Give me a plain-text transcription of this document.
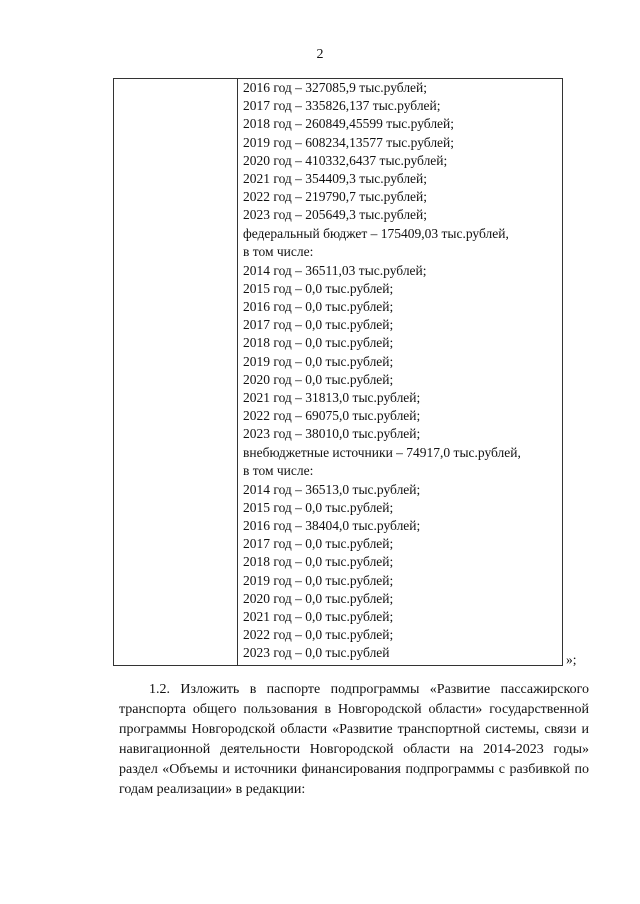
2
2016 год – 327085,9 тыс.рублей;
2017 год – 335826,137 тыс.рублей;
2018 год – 260849,45599 тыс.рублей;
2019 год – 608234,13577 тыс.рублей;
2020 год – 410332,6437 тыс.рублей;
2021 год – 354409,3 тыс.рублей;
2022 год – 219790,7 тыс.рублей;
2023 год – 205649,3 тыс.рублей;
федеральный бюджет – 175409,03 тыс.рублей,
в том числе:
2014 год – 36511,03 тыс.рублей;
2015 год – 0,0 тыс.рублей;
2016 год – 0,0 тыс.рублей;
2017 год – 0,0 тыс.рублей;
2018 год – 0,0 тыс.рублей;
2019 год – 0,0 тыс.рублей;
2020 год – 0,0 тыс.рублей;
2021 год – 31813,0 тыс.рублей;
2022 год – 69075,0 тыс.рублей;
2023 год – 38010,0 тыс.рублей;
внебюджетные источники – 74917,0 тыс.рублей,
в том числе:
2014 год – 36513,0 тыс.рублей;
2015 год – 0,0 тыс.рублей;
2016 год – 38404,0 тыс.рублей;
2017 год – 0,0 тыс.рублей;
2018 год – 0,0 тыс.рублей;
2019 год – 0,0 тыс.рублей;
2020 год – 0,0 тыс.рублей;
2021 год – 0,0 тыс.рублей;
2022 год – 0,0 тыс.рублей;
2023 год – 0,0 тыс.рублей	»;
1.2. Изложить в паспорте подпрограммы «Развитие пассажирского транспорта общего пользования в Новгородской области» государственной программы Новгородской области «Развитие транспортной системы, связи и навигационной деятельности Новгородской области на 2014-2023 годы» раздел «Объемы и источники финансирования подпрограммы с разбивкой по годам реализации» в редакции:
